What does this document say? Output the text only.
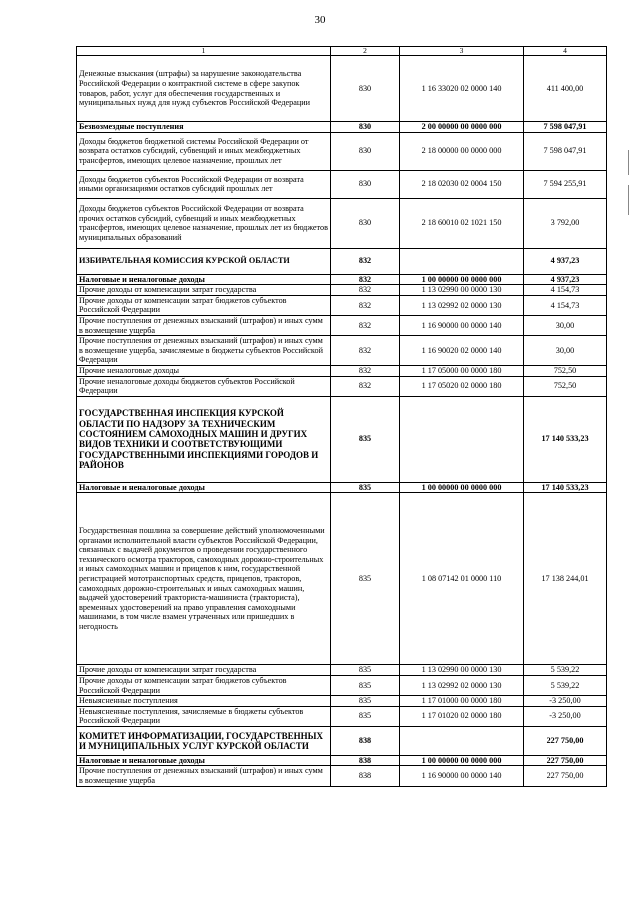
30
1	2	3	4
Денежные взыскания (штрафы) за нарушение законодательства Российской Федерации о контрактной системе в сфере закупок товаров, работ, услуг для обеспечения государственных и муниципальных нужд для нужд субъектов Российской Федерации	830	1 16 33020 02 0000 140	411 400,00
Безвозмездные поступления	830	2 00 00000 00 0000 000	7 598 047,91
Доходы бюджетов бюджетной системы Российской Федерации от возврата остатков субсидий, субвенций и иных межбюджетных трансфертов, имеющих целевое назначение, прошлых лет	830	2 18 00000 00 0000 000	7 598 047,91
Доходы бюджетов субъектов Российской Федерации от возврата иными организациями остатков субсидий прошлых лет	830	2 18 02030 02 0004 150	7 594 255,91
Доходы бюджетов субъектов Российской Федерации от возврата прочих остатков субсидий, субвенций и иных межбюджетных трансфертов, имеющих целевое назначение, прошлых лет из бюджетов муниципальных образований	830	2 18 60010 02 1021 150	3 792,00
ИЗБИРАТЕЛЬНАЯ КОМИССИЯ КУРСКОЙ ОБЛАСТИ	832		4 937,23
Налоговые и неналоговые доходы	832	1 00 00000 00 0000 000	4 937,23
Прочие доходы от компенсации затрат государства	832	1 13 02990 00 0000 130	4 154,73
Прочие доходы от компенсации затрат бюджетов субъектов Российской Федерации	832	1 13 02992 02 0000 130	4 154,73
Прочие поступления от денежных взысканий (штрафов) и иных сумм в возмещение ущерба	832	1 16 90000 00 0000 140	30,00
Прочие поступления от денежных взысканий (штрафов) и иных сумм в возмещение ущерба, зачисляемые в бюджеты субъектов Российской Федерации	832	1 16 90020 02 0000 140	30,00
Прочие неналоговые доходы	832	1 17 05000 00 0000 180	752,50
Прочие неналоговые доходы бюджетов субъектов Российской Федерации	832	1 17 05020 02 0000 180	752,50
ГОСУДАРСТВЕННАЯ ИНСПЕКЦИЯ КУРСКОЙ ОБЛАСТИ ПО НАДЗОРУ ЗА ТЕХНИЧЕСКИМ СОСТОЯНИЕМ САМОХОДНЫХ МАШИН И ДРУГИХ ВИДОВ ТЕХНИКИ И СООТВЕТСТВУЮЩИМИ ГОСУДАРСТВЕННЫМИ ИНСПЕКЦИЯМИ ГОРОДОВ И РАЙОНОВ	835		17 140 533,23
Налоговые и неналоговые доходы	835	1 00 00000 00 0000 000	17 140 533,23
Государственная пошлина за совершение действий уполномоченными органами исполнительной власти субъектов Российской Федерации, связанных с выдачей документов о проведении государственного технического осмотра тракторов, самоходных дорожно-строительных и иных самоходных машин и прицепов к ним, государственной регистрацией мототранспортных средств, прицепов, тракторов, самоходных дорожно-строительных и иных самоходных машин, выдачей удостоверений тракториста-машиниста (тракториста), временных удостоверений на право управления самоходными машинами, в том числе взамен утраченных или пришедших в негодность	835	1 08 07142 01 0000 110	17 138 244,01
Прочие доходы от компенсации затрат государства	835	1 13 02990 00 0000 130	5 539,22
Прочие доходы от компенсации затрат бюджетов субъектов Российской Федерации	835	1 13 02992 02 0000 130	5 539,22
Невыясненные поступления	835	1 17 01000 00 0000 180	-3 250,00
Невыясненные поступления, зачисляемые в бюджеты субъектов Российской Федерации	835	1 17 01020 02 0000 180	-3 250,00
КОМИТЕТ ИНФОРМАТИЗАЦИИ, ГОСУДАРСТВЕННЫХ И МУНИЦИПАЛЬНЫХ УСЛУГ КУРСКОЙ ОБЛАСТИ	838		227 750,00
Налоговые и неналоговые доходы	838	1 00 00000 00 0000 000	227 750,00
Прочие поступления от денежных взысканий (штрафов) и иных сумм в возмещение ущерба	838	1 16 90000 00 0000 140	227 750,00
